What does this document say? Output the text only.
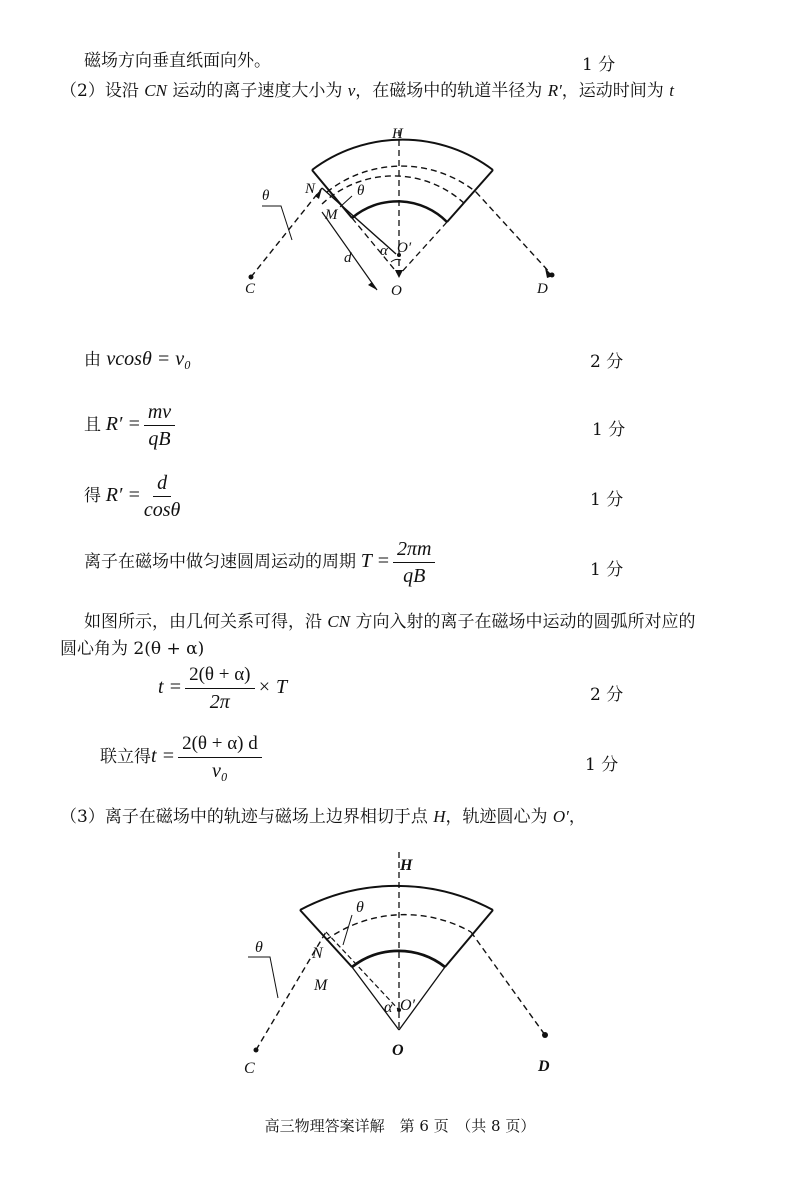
磁场方向垂直纸面向外。	1 分
（2）设沿 CN 运动的离子速度大小为 v，在磁场中的轨道半径为 R′，运动时间为 t
H
N
M
θ	θ
O′
α
d
C	O	D
由 vcosθ = v₀	2 分
且 $R' = \frac{mv}{qB}$	1 分
得 $R' = \frac{d}{\cos\theta}$	1 分
离子在磁场中做匀速圆周运动的周期 $T = \frac{2\pi m}{qB}$	1 分
如图所示，由几何关系可得，沿 CN 方向入射的离子在磁场中运动的圆弧所对应的
圆心角为 2(θ + α)
$t = \frac{2(\theta + \alpha)}{2\pi} \times T$	2 分
联立得$t = \frac{2(\theta + \alpha) d}{\text{v₀}}$	1 分
（3）离子在磁场中的轨迹与磁场上边界相切于点 H，轨迹圆心为 O′，
H
N
M
θ
θ
O′
α
C
O
D
高三物理答案详解　第 6 页　（共 8 页）
